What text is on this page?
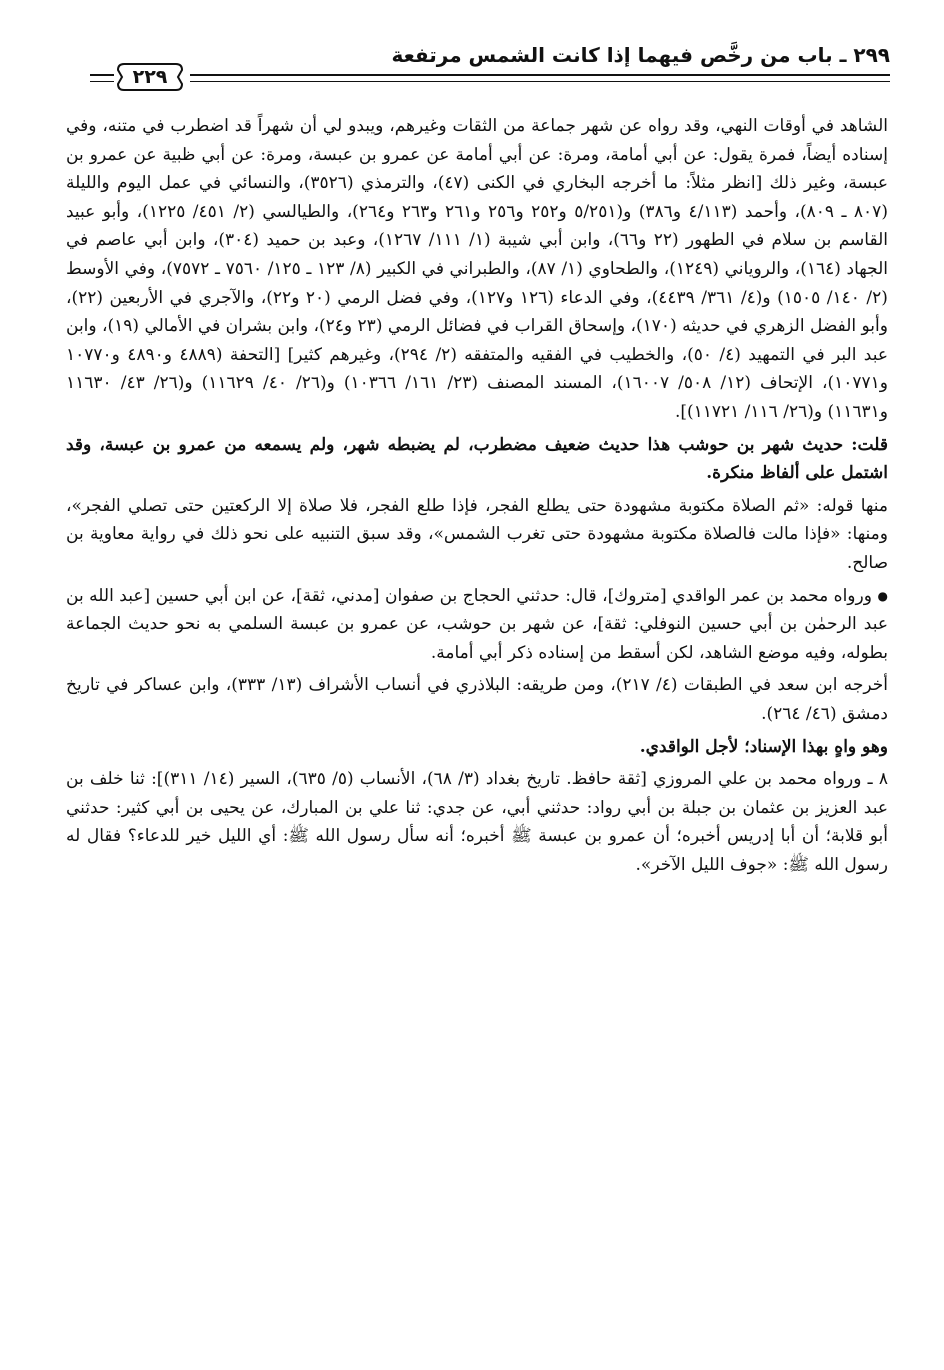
٢٩٩ ـ باب من رخَّص فيهما إذا كانت الشمس مرتفعة
٢٢٩

الشاهد في أوقات النهي، وقد رواه عن شهر جماعة من الثقات وغيرهم، ويبدو لي أن شهراً قد اضطرب في متنه، وفي إسناده أيضاً، فمرة يقول: عن أبي أمامة، ومرة: عن أبي أمامة عن عمرو بن عبسة، ومرة: عن أبي ظبية عن عمرو بن عبسة، وغير ذلك [انظر مثلاً: ما أخرجه البخاري في الكنى (٤٧)، والترمذي (٣٥٢٦)، والنسائي في عمل اليوم والليلة (٨٠٧ ـ ٨٠٩)، وأحمد (٤/١١٣ و٣٨٦) و(٥/٢٥١ و٢٥٢ و٢٥٦ و٢٦١ و٢٦٣ و٢٦٤)، والطيالسي (٢/ ٤٥١/ ١٢٢٥)، وأبو عبيد القاسم بن سلام في الطهور (٢٢ و٦٦)، وابن أبي شيبة (١/ ١١١/ ١٢٦٧)، وعبد بن حميد (٣٠٤)، وابن أبي عاصم في الجهاد (١٦٤)، والروياني (١٢٤٩)، والطحاوي (١/ ٨٧)، والطبراني في الكبير (٨/ ١٢٣ ـ ١٢٥/ ٧٥٦٠ ـ ٧٥٧٢)، وفي الأوسط (٢/ ١٤٠/ ١٥٠٥) و(٤/ ٣٦١/ ٤٤٣٩)، وفي الدعاء (١٢٦ و١٢٧)، وفي فضل الرمي (٢٠ و٢٢)، والآجري في الأربعين (٢٢)، وأبو الفضل الزهري في حديثه (١٧٠)، وإسحاق القراب في فضائل الرمي (٢٣ و٢٤)، وابن بشران في الأمالي (١٩)، وابن عبد البر في التمهيد (٤/ ٥٠)، والخطيب في الفقيه والمتفقه (٢/ ٢٩٤)، وغيرهم كثير] [التحفة (٤٨٨٩ و٤٨٩٠ و١٠٧٧٠ و١٠٧٧١)، الإتحاف (١٢/ ٥٠٨/ ١٦٠٠٧)، المسند المصنف (٢٣/ ١٦١/ ١٠٣٦٦) و(٢٦/ ٤٠/ ١١٦٢٩) و(٢٦/ ٤٣/ ١١٦٣٠ و١١٦٣١) و(٢٦/ ١١٦/ ١١٧٢١)].

قلت: حديث شهر بن حوشب هذا حديث ضعيف مضطرب، لم يضبطه شهر، ولم يسمعه من عمرو بن عبسة، وقد اشتمل على ألفاظ منكرة.

منها قوله: «ثم الصلاة مكتوبة مشهودة حتى يطلع الفجر، فإذا طلع الفجر، فلا صلاة إلا الركعتين حتى تصلي الفجر»، ومنها: «فإذا مالت فالصلاة مكتوبة مشهودة حتى تغرب الشمس»، وقد سبق التنبيه على نحو ذلك في رواية معاوية بن صالح.

● ورواه محمد بن عمر الواقدي [متروك]، قال: حدثني الحجاج بن صفوان [مدني، ثقة]، عن ابن أبي حسين [عبد الله بن عبد الرحمٰن بن أبي حسين النوفلي: ثقة]، عن شهر بن حوشب، عن عمرو بن عبسة السلمي به نحو حديث الجماعة بطوله، وفيه موضع الشاهد، لكن أسقط من إسناده ذكر أبي أمامة.

أخرجه ابن سعد في الطبقات (٤/ ٢١٧)، ومن طريقه: البلاذري في أنساب الأشراف (١٣/ ٣٣٣)، وابن عساكر في تاريخ دمشق (٤٦/ ٢٦٤).

وهو واهٍ بهذا الإسناد؛ لأجل الواقدي.

٨ ـ ورواه محمد بن علي المروزي [ثقة حافظ. تاريخ بغداد (٣/ ٦٨)، الأنساب (٥/ ٦٣٥)، السير (١٤/ ٣١١)]: ثنا خلف بن عبد العزيز بن عثمان بن جبلة بن أبي رواد: حدثني أبي، عن جدي: ثنا علي بن المبارك، عن يحيى بن أبي كثير: حدثني أبو قلابة؛ أن أبا إدريس أخبره؛ أن عمرو بن عبسة ﷺ أخبره؛ أنه سأل رسول الله ﷺ: أي الليل خير للدعاء؟ فقال له رسول الله ﷺ: «جوف الليل الآخر».
